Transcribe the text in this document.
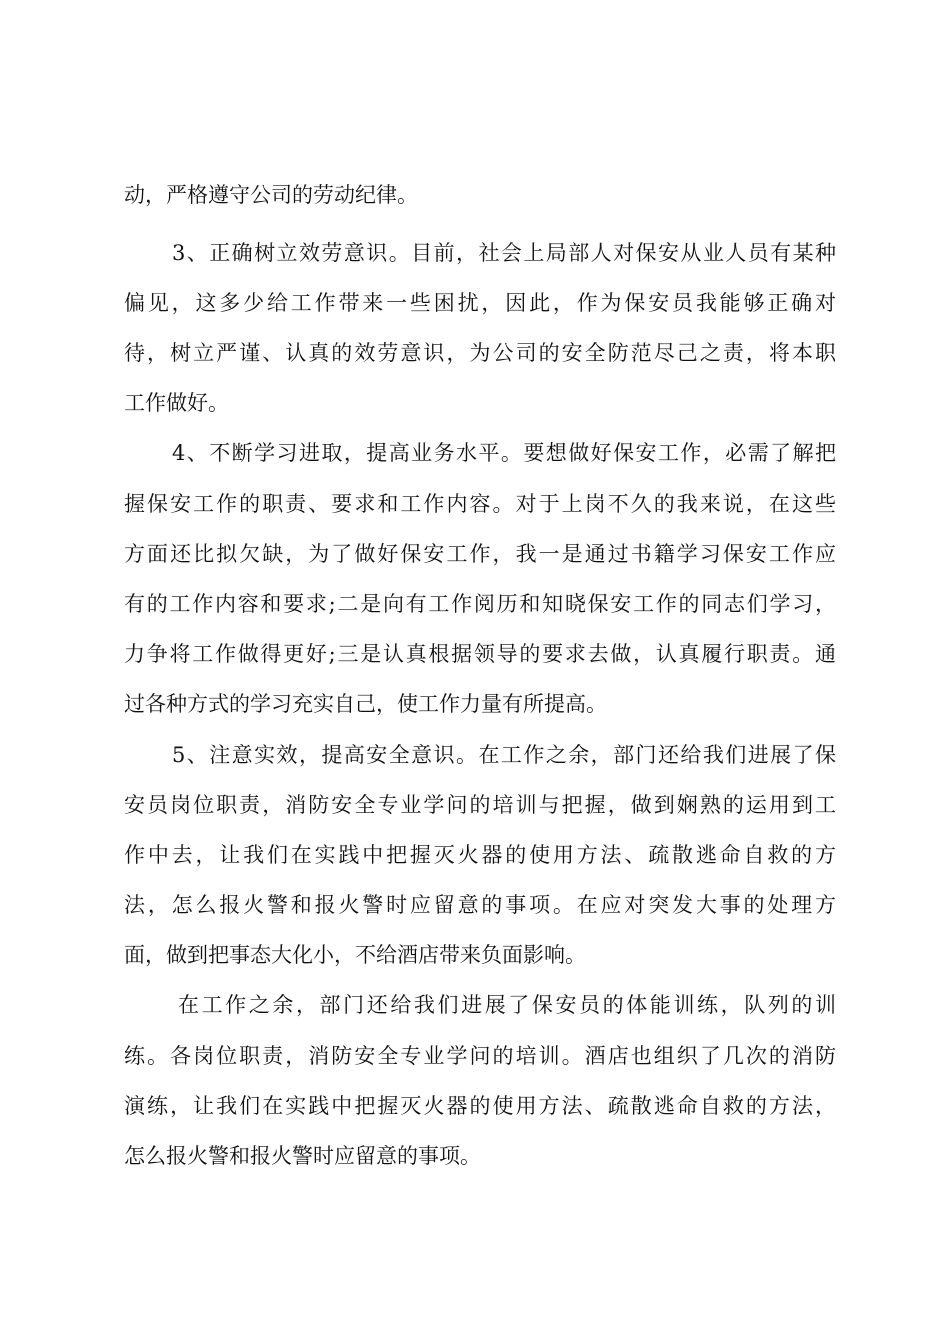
动，严格遵守公司的劳动纪律。
3、正确树立效劳意识。目前，社会上局部人对保安从业人员有某种
偏见，这多少给工作带来一些困扰，因此，作为保安员我能够正确对
待，树立严谨、认真的效劳意识，为公司的安全防范尽己之责，将本职
工作做好。
4、不断学习进取，提高业务水平。要想做好保安工作，必需了解把
握保安工作的职责、要求和工作内容。对于上岗不久的我来说，在这些
方面还比拟欠缺，为了做好保安工作，我一是通过书籍学习保安工作应
有的工作内容和要求;二是向有工作阅历和知晓保安工作的同志们学习，
力争将工作做得更好;三是认真根据领导的要求去做，认真履行职责。通
过各种方式的学习充实自己，使工作力量有所提高。
5、注意实效，提高安全意识。在工作之余，部门还给我们进展了保
安员岗位职责，消防安全专业学问的培训与把握，做到娴熟的运用到工
作中去，让我们在实践中把握灭火器的使用方法、疏散逃命自救的方
法，怎么报火警和报火警时应留意的事项。在应对突发大事的处理方
面，做到把事态大化小，不给酒店带来负面影响。
在工作之余，部门还给我们进展了保安员的体能训练，队列的训
练。各岗位职责，消防安全专业学问的培训。酒店也组织了几次的消防
演练，让我们在实践中把握灭火器的使用方法、疏散逃命自救的方法，
怎么报火警和报火警时应留意的事项。
